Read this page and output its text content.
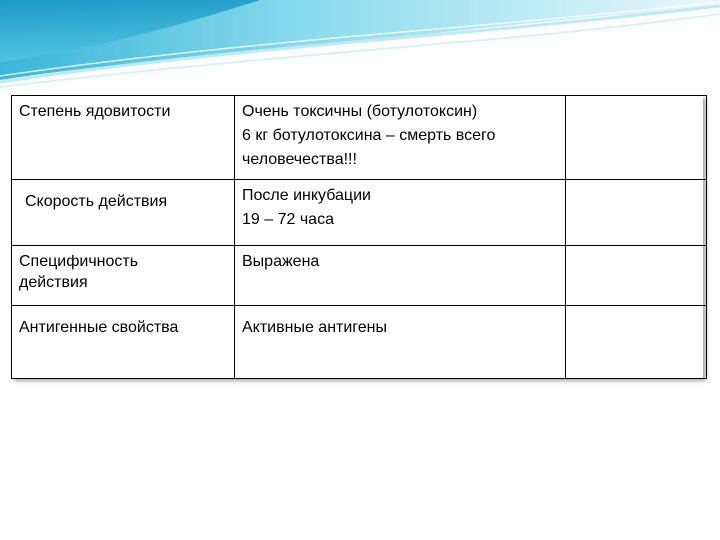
Степень ядовитости	Очень токсичны (ботулотоксин)
6 кг ботулотоксина – смерть всего
человечества!!!	

Скорость действия	После инкубации
19 – 72 часа	

Специфичность
действия	Выражена	

Антигенные свойства	Активные антигены	
